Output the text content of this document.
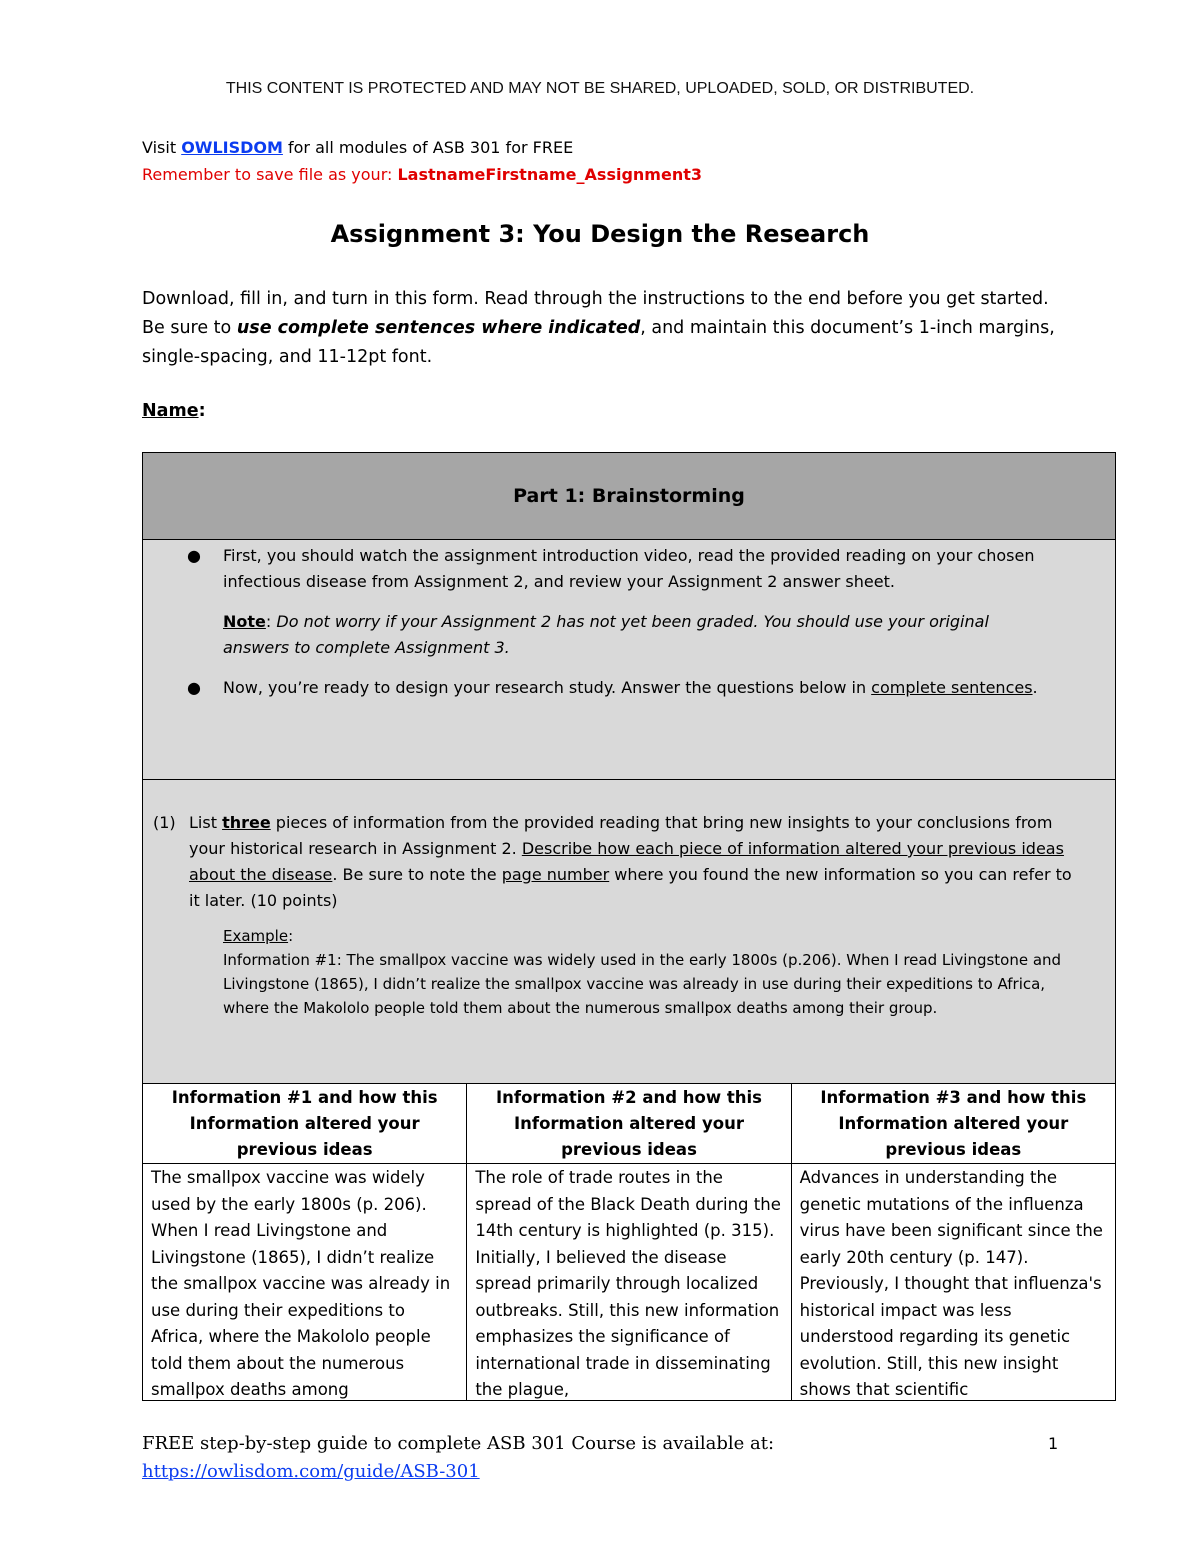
THIS CONTENT IS PROTECTED AND MAY NOT BE SHARED, UPLOADED, SOLD, OR DISTRIBUTED.
Visit OWLISDOM for all modules of ASB 301 for FREE
Remember to save file as your: LastnameFirstname_Assignment3
Assignment 3: You Design the Research
Download, fill in, and turn in this form. Read through the instructions to the end before you get started. Be sure to use complete sentences where indicated, and maintain this document’s 1-inch margins, single-spacing, and 11-12pt font.
Name:
Part 1: Brainstorming
●	First, you should watch the assignment introduction video, read the provided reading on your chosen infectious disease from Assignment 2, and review your Assignment 2 answer sheet.
Note: Do not worry if your Assignment 2 has not yet been graded. You should use your original answers to complete Assignment 3.
●	Now, you’re ready to design your research study. Answer the questions below in complete sentences.
(1) List three pieces of information from the provided reading that bring new insights to your conclusions from your historical research in Assignment 2. Describe how each piece of information altered your previous ideas about the disease. Be sure to note the page number where you found the new information so you can refer to it later. (10 points)
Example:
Information #1: The smallpox vaccine was widely used in the early 1800s (p.206). When I read Livingstone and Livingstone (1865), I didn’t realize the smallpox vaccine was already in use during their expeditions to Africa, where the Makololo people told them about the numerous smallpox deaths among their group.
Information #1 and how this Information altered your previous ideas
The smallpox vaccine was widely used by the early 1800s (p. 206). When I read Livingstone and Livingstone (1865), I didn’t realize the smallpox vaccine was already in use during their expeditions to Africa, where the Makololo people told them about the numerous smallpox deaths among
Information #2 and how this Information altered your previous ideas
The role of trade routes in the spread of the Black Death during the 14th century is highlighted (p. 315). Initially, I believed the disease spread primarily through localized outbreaks. Still, this new information emphasizes the significance of international trade in disseminating the plague,
Information #3 and how this Information altered your previous ideas
Advances in understanding the genetic mutations of the influenza virus have been significant since the early 20th century (p. 147). Previously, I thought that influenza's historical impact was less understood regarding its genetic evolution. Still, this new insight shows that scientific
FREE step-by-step guide to complete ASB 301 Course is available at:
https://owlisdom.com/guide/ASB-301
1
